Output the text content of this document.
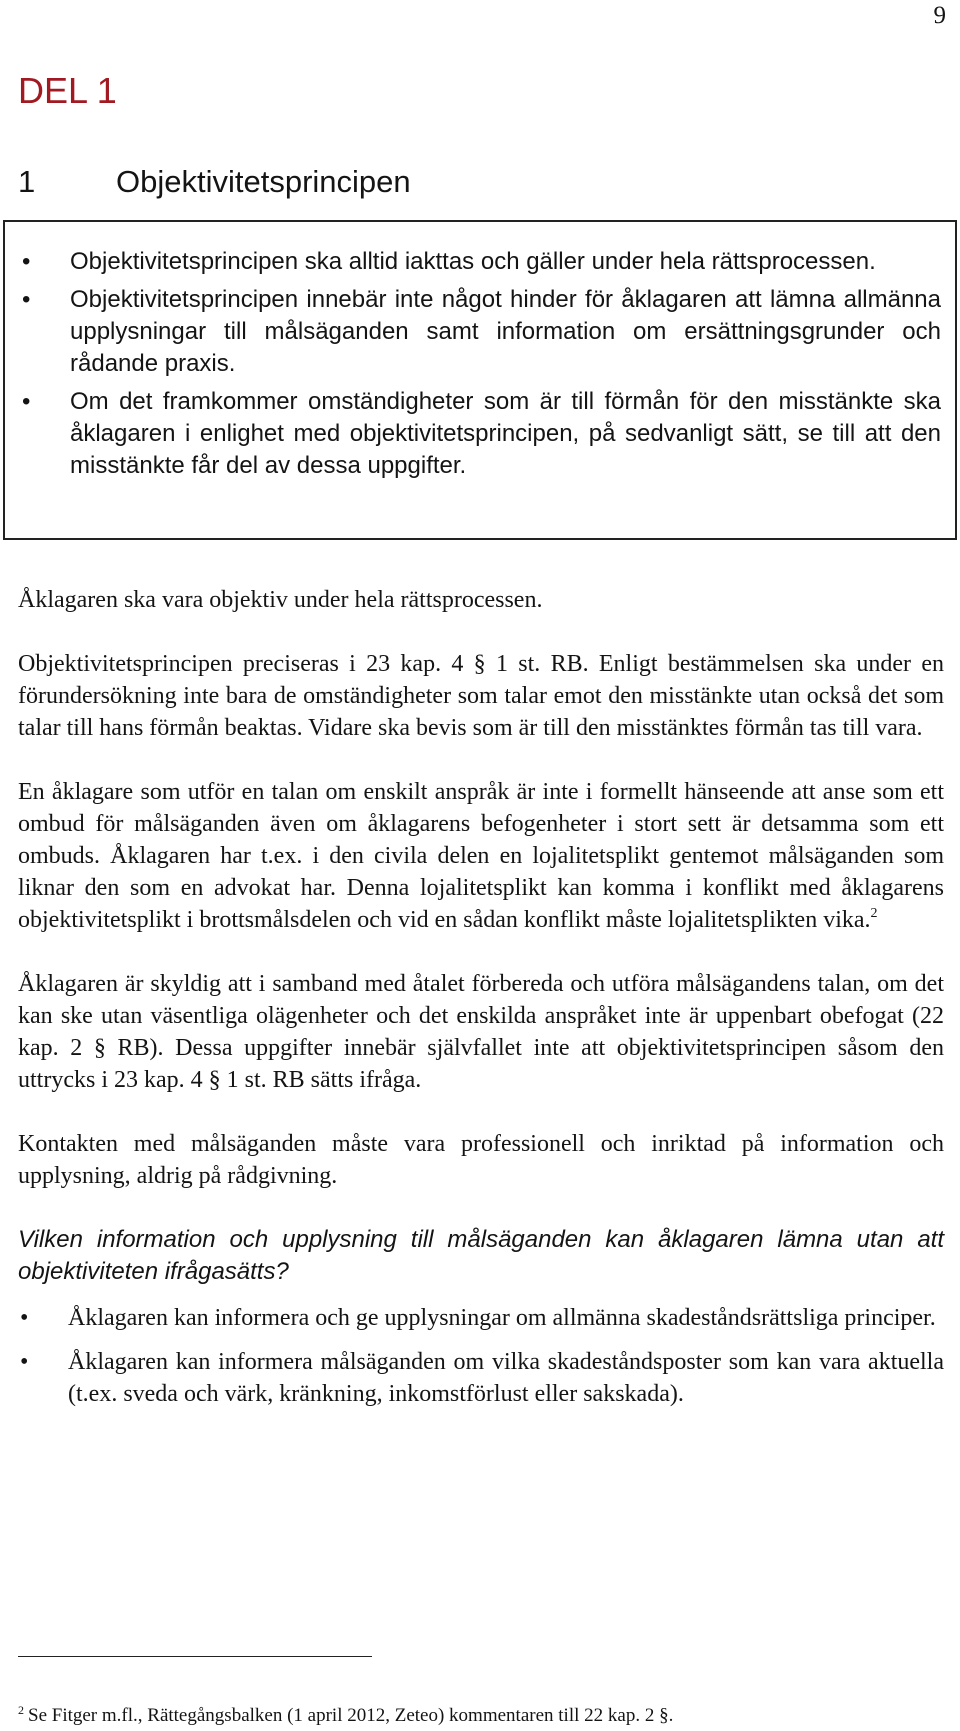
9
DEL 1
1	Objektivitetsprincipen
• Objektivitetsprincipen ska alltid iakttas och gäller under hela rättsprocessen.
• Objektivitetsprincipen innebär inte något hinder för åklagaren att lämna allmänna upplysningar till målsäganden samt information om ersättningsgrunder och rådande praxis.
• Om det framkommer omständigheter som är till förmån för den misstänkte ska åklagaren i enlighet med objektivitetsprincipen, på sedvanligt sätt, se till att den misstänkte får del av dessa uppgifter.

Åklagaren ska vara objektiv under hela rättsprocessen.

Objektivitetsprincipen preciseras i 23 kap. 4 § 1 st. RB. Enligt bestämmelsen ska under en förundersökning inte bara de omständigheter som talar emot den misstänkte utan också det som talar till hans förmån beaktas. Vidare ska bevis som är till den misstänktes förmån tas till vara.

En åklagare som utför en talan om enskilt anspråk är inte i formellt hänseende att anse som ett ombud för målsäganden även om åklagarens befogenheter i stort sett är detsamma som ett ombuds. Åklagaren har t.ex. i den civila delen en lojalitetsplikt gentemot målsäganden som liknar den som en advokat har. Denna lojalitetsplikt kan komma i konflikt med åklagarens objektivitetsplikt i brottsmålsdelen och vid en sådan konflikt måste lojalitetsplikten vika.$^2$

Åklagaren är skyldig att i samband med åtalet förbereda och utföra målsägandens talan, om det kan ske utan väsentliga olägenheter och det enskilda anspråket inte är uppenbart obefogat (22 kap. 2 § RB). Dessa uppgifter innebär självfallet inte att objektivitetsprincipen såsom den uttrycks i 23 kap. 4 § 1 st. RB sätts ifråga.

Kontakten med målsäganden måste vara professionell och inriktad på information och upplysning, aldrig på rådgivning.

Vilken information och upplysning till målsäganden kan åklagaren lämna utan att objektiviteten ifrågasätts?

• Åklagaren kan informera och ge upplysningar om allmänna skadeståndsrättsliga principer.
• Åklagaren kan informera målsäganden om vilka skadeståndsposter som kan vara aktuella (t.ex. sveda och värk, kränkning, inkomstförlust eller sakskada).
$^2$ Se Fitger m.fl., Rättegångsbalken (1 april 2012, Zeteo) kommentaren till 22 kap. 2 §.
